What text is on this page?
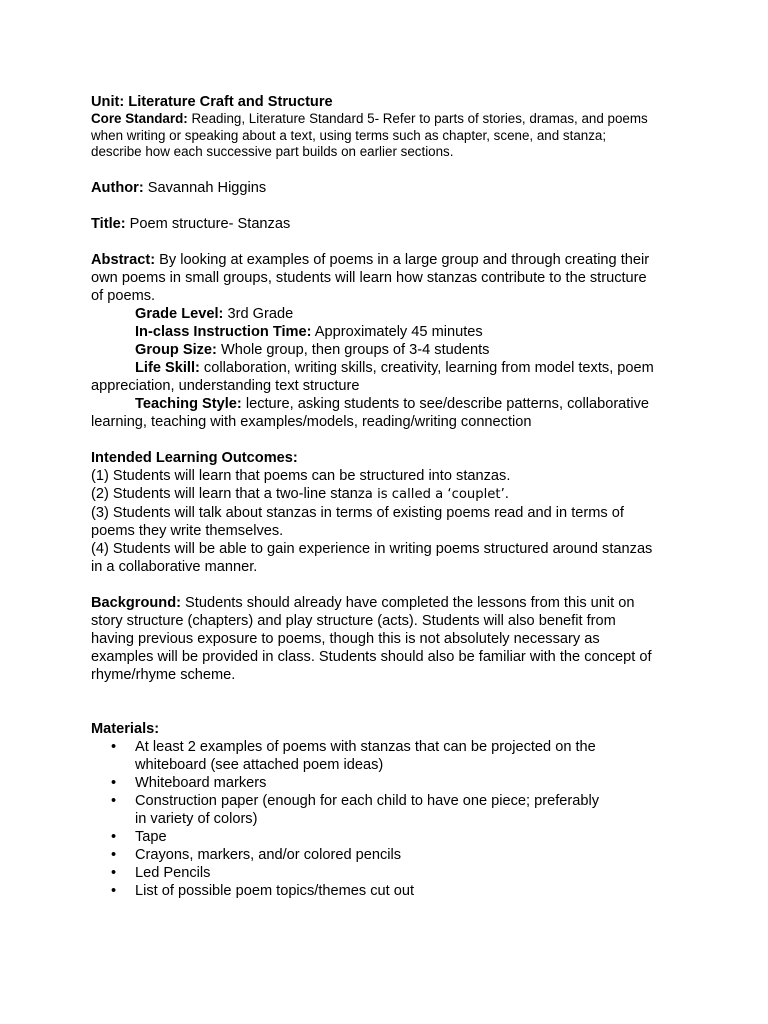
Unit: Literature Craft and Structure

Core Standard: Reading, Literature Standard 5- Refer to parts of stories, dramas, and poems

when writing or speaking about a text, using terms such as chapter, scene, and stanza;

describe how each successive part builds on earlier sections.

Author: Savannah Higgins

Title: Poem structure- Stanzas

Abstract: By looking at examples of poems in a large group and through creating their

own poems in small groups, students will learn how stanzas contribute to the structure

of poems.

Grade Level: 3rd Grade

In-class Instruction Time: Approximately 45 minutes

Group Size: Whole group, then groups of 3-4 students

Life Skill: collaboration, writing skills, creativity, learning from model texts, poem

appreciation, understanding text structure

Teaching Style: lecture, asking students to see/describe patterns, collaborative

learning, teaching with examples/models, reading/writing connection

Intended Learning Outcomes:

(1) Students will learn that poems can be structured into stanzas.

(2) Students will learn that a two-line stanza is called a ‘couplet’.

(3) Students will talk about stanzas in terms of existing poems read and in terms of

poems they write themselves.

(4) Students will be able to gain experience in writing poems structured around stanzas

in a collaborative manner.

Background: Students should already have completed the lessons from this unit on

story structure (chapters) and play structure (acts). Students will also benefit from

having previous exposure to poems, though this is not absolutely necessary as

examples will be provided in class. Students should also be familiar with the concept of

rhyme/rhyme scheme.

Materials:

• At least 2 examples of poems with stanzas that can be projected on the
whiteboard (see attached poem ideas)
• Whiteboard markers
• Construction paper (enough for each child to have one piece; preferably
in variety of colors)
• Tape
• Crayons, markers, and/or colored pencils
• Led Pencils
• List of possible poem topics/themes cut out
